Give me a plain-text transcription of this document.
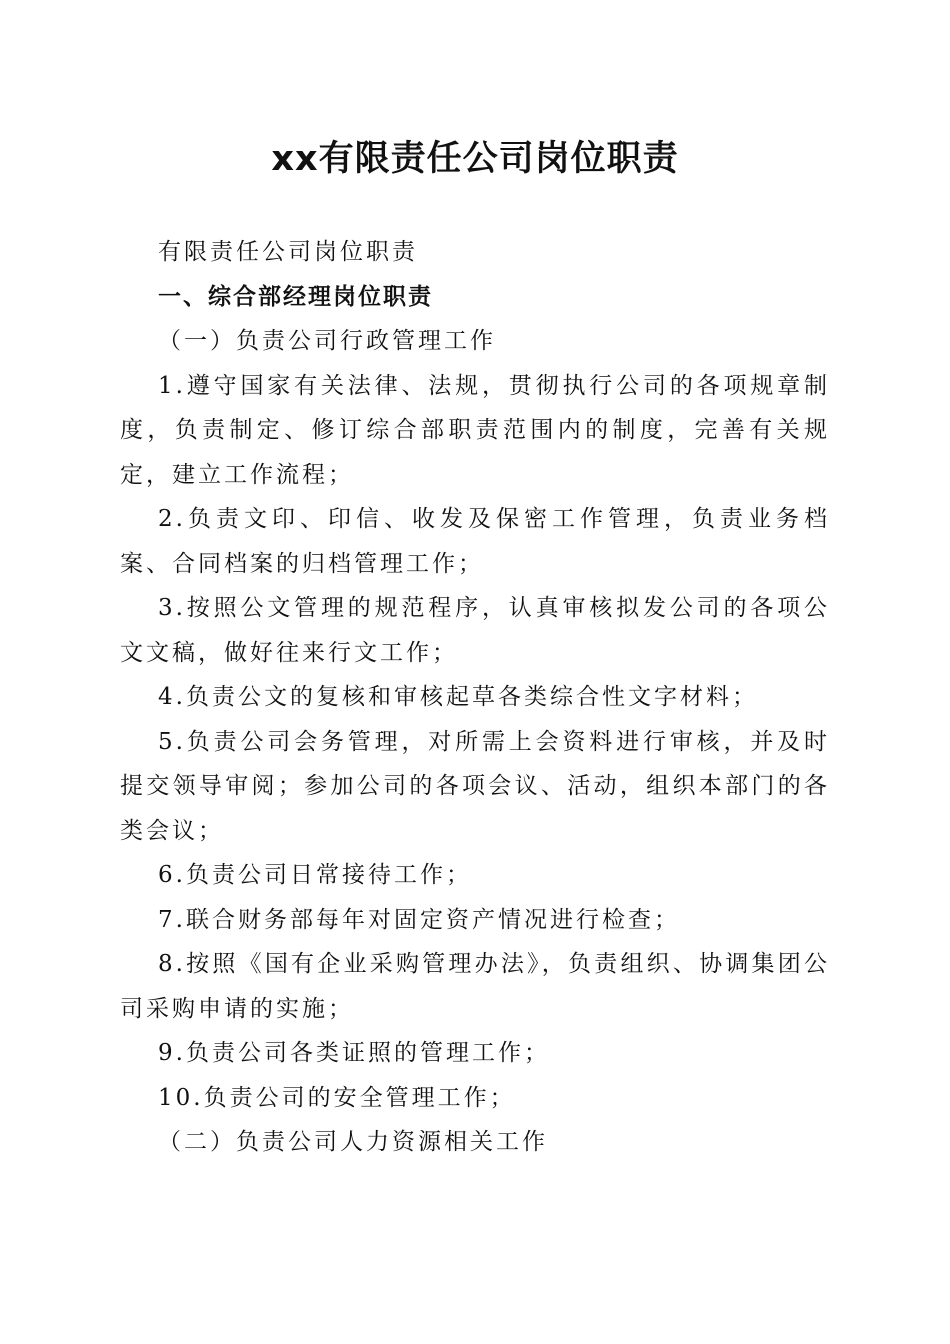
xx有限责任公司岗位职责

有限责任公司岗位职责

一、综合部经理岗位职责

（一）负责公司行政管理工作

1.遵守国家有关法律、法规，贯彻执行公司的各项规章制度，负责制定、修订综合部职责范围内的制度，完善有关规定，建立工作流程；

2.负责文印、印信、收发及保密工作管理，负责业务档案、合同档案的归档管理工作；

3.按照公文管理的规范程序，认真审核拟发公司的各项公文文稿，做好往来行文工作；

4.负责公文的复核和审核起草各类综合性文字材料；

5.负责公司会务管理，对所需上会资料进行审核，并及时提交领导审阅；参加公司的各项会议、活动，组织本部门的各类会议；

6.负责公司日常接待工作；

7.联合财务部每年对固定资产情况进行检查；

8.按照《国有企业采购管理办法》，负责组织、协调集团公司采购申请的实施；

9.负责公司各类证照的管理工作；

10.负责公司的安全管理工作；

（二）负责公司人力资源相关工作
